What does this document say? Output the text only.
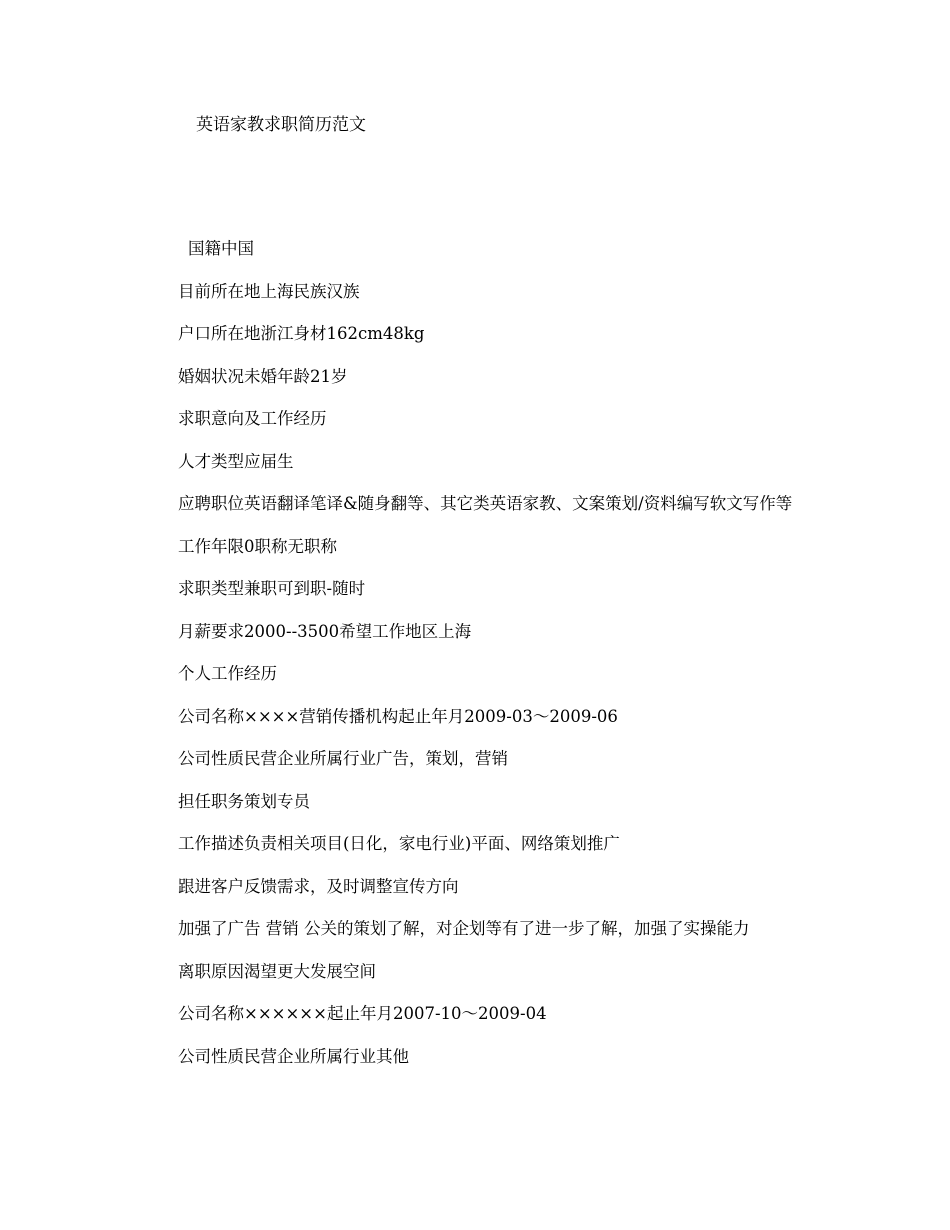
英语家教求职简历范文

国籍中国

目前所在地上海民族汉族

户口所在地浙江身材162cm48kg

婚姻状况未婚年龄21岁

求职意向及工作经历

人才类型应届生

应聘职位英语翻译笔译&随身翻等、其它类英语家教、文案策划/资料编写软文写作等

工作年限0职称无职称

求职类型兼职可到职-随时

月薪要求2000--3500希望工作地区上海

个人工作经历

公司名称××××营销传播机构起止年月2009-03～2009-06

公司性质民营企业所属行业广告，策划，营销

担任职务策划专员

工作描述负责相关项目(日化，家电行业)平面、网络策划推广

跟进客户反馈需求，及时调整宣传方向

加强了广告 营销 公关的策划了解，对企划等有了进一步了解，加强了实操能力

离职原因渴望更大发展空间

公司名称××××××起止年月2007-10～2009-04

公司性质民营企业所属行业其他
